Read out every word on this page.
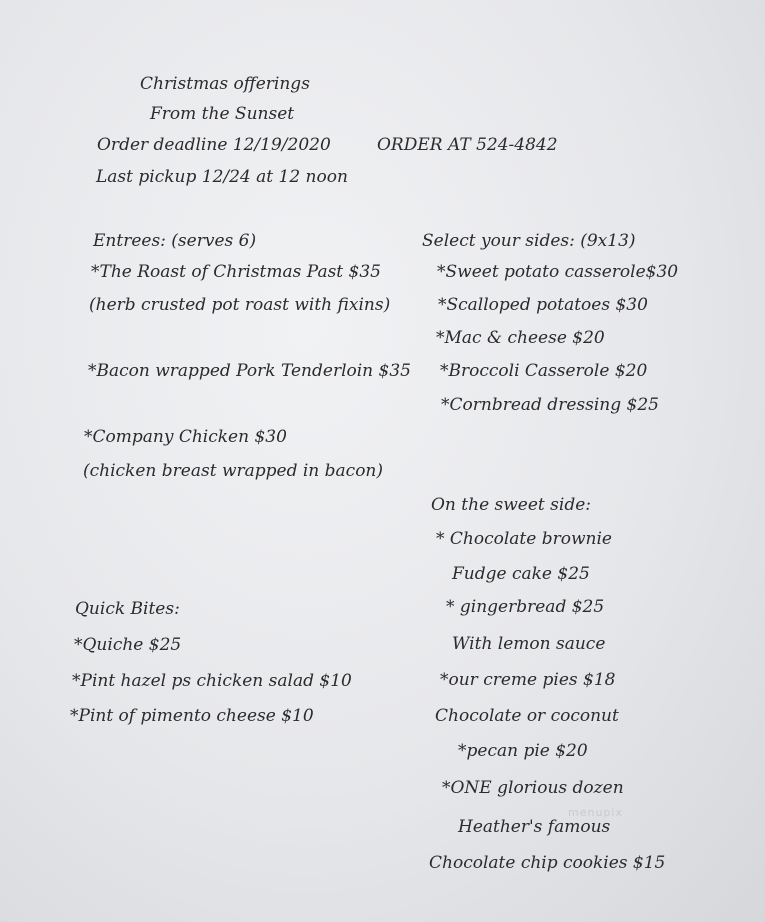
Christmas offerings
From the Sunset
Order deadline 12/19/2020	ORDER AT 524-4842
Last pickup 12/24 at 12 noon
Entrees: (serves 6)
*The Roast of Christmas Past $35
(herb crusted pot roast with fixins)
*Bacon wrapped Pork Tenderloin $35
*Company Chicken $30
(chicken breast wrapped in bacon)
Quick Bites:
*Quiche $25
*Pint hazel ps chicken salad $10
*Pint of pimento cheese $10
Select your sides: (9x13)
*Sweet potato casserole$30
*Scalloped potatoes $30
*Mac & cheese $20
*Broccoli Casserole $20
*Cornbread dressing $25
On the sweet side:
* Chocolate brownie
Fudge cake $25
* gingerbread $25
With lemon sauce
*our creme pies $18
Chocolate or coconut
*pecan pie $20
*ONE glorious dozen
Heather's famous
Chocolate chip cookies $15
menupix
